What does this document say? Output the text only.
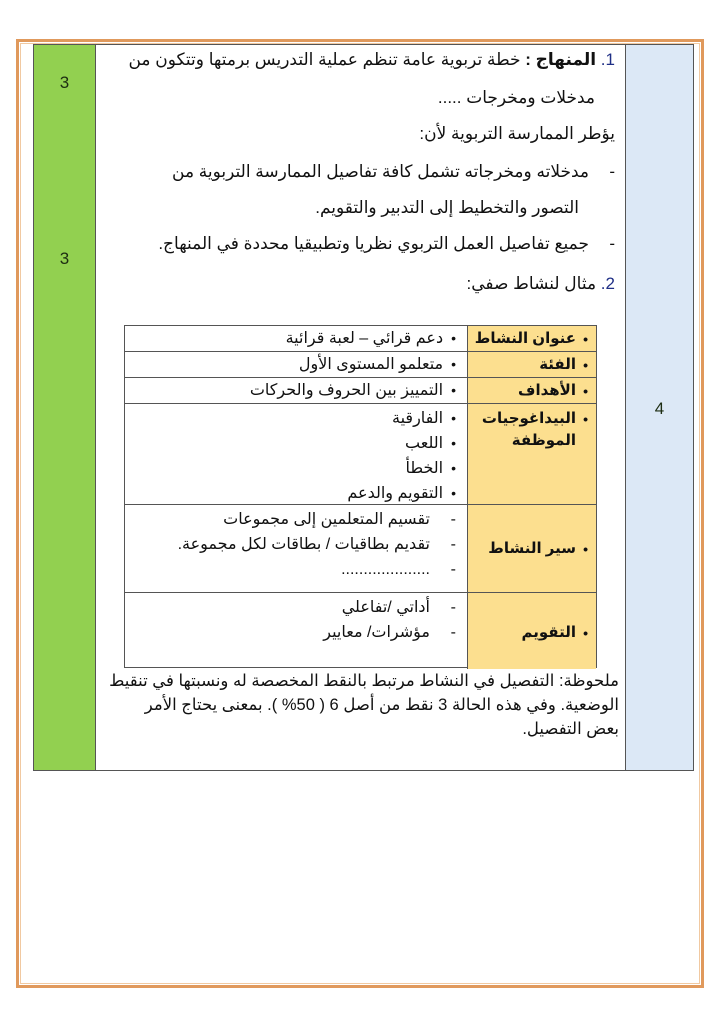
3
3
4
1. المنهاج : خطة تربوية عامة تنظم عملية التدريس برمتها وتتكون من
مدخلات ومخرجات .....
يؤطر الممارسة التربوية لأن:
- مدخلاته ومخرجاته تشمل كافة تفاصيل الممارسة التربوية من
التصور والتخطيط إلى التدبير والتقويم.
- جميع تفاصيل العمل التربوي نظريا وتطبيقيا محددة في المنهاج.
2. مثال لنشاط صفي:
• عنوان النشاط
• دعم قرائي – لعبة قرائية
• الفئة
• متعلمو المستوى الأول
• الأهداف
• التمييز بين الحروف والحركات
• البيداغوجيات الموظفة
• الفارقية
• اللعب
• الخطأ
• التقويم والدعم
• سير النشاط
- تقسيم المتعلمين إلى مجموعات
- تقديم بطاقيات / بطاقات لكل مجموعة.
- ....................
• التقويم
- أداتي /تفاعلي
- مؤشرات/ معايير
ملحوظة: التفصيل في النشاط مرتبط بالنقط المخصصة له ونسبتها في تنقيط
الوضعية. وفي هذه الحالة 3 نقط من أصل 6 ( 50% ). بمعنى يحتاج الأمر
بعض التفصيل.
